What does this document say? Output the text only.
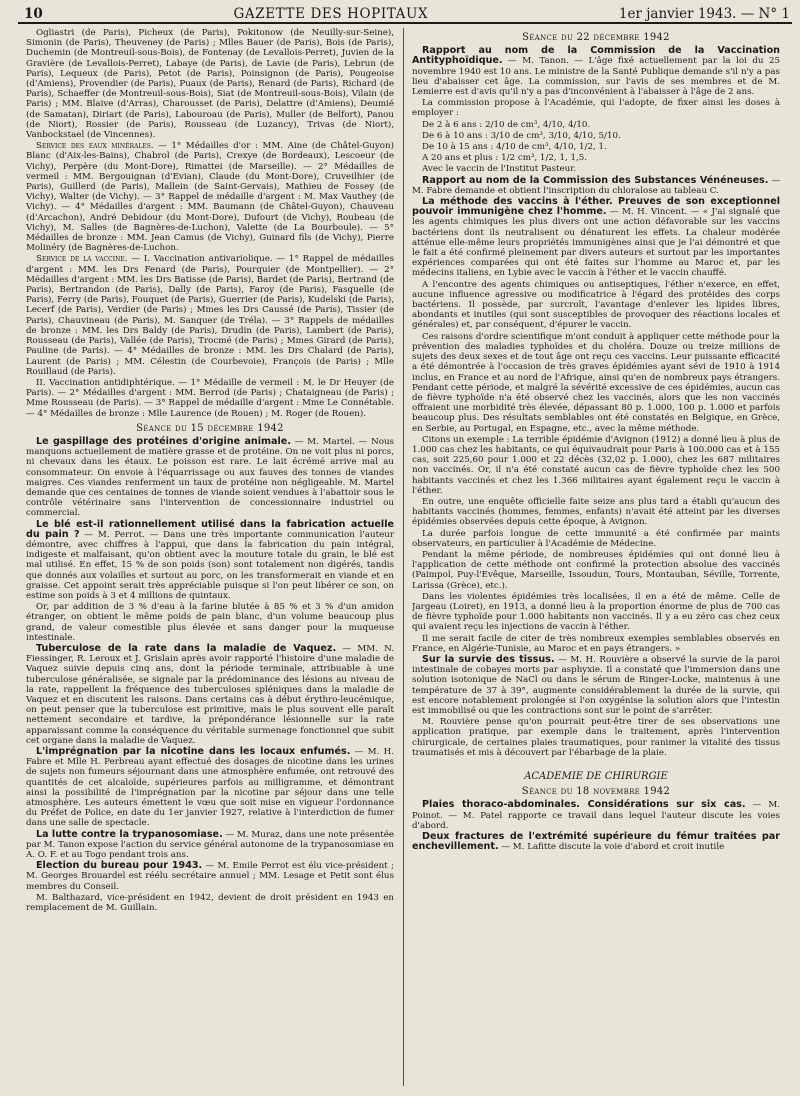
10	GAZETTE DES HOPITAUX	1er janvier 1943. — N° 1

Ogliastri (de Paris), Picheux (de Paris), Pokitonow (de Neuilly-sur-Seine), Simonin (de Paris), Theuveney (de Paris) ; Mlles Bauer (de Paris), Bois (de Paris), Duchemin (de Montreuil-sous-Bois), de Fontenay (de Levallois-Perret), Juvien de la Gravière (de Levallois-Perret), Labaye (de Paris), de Lavie (de Paris), Lebrun (de Paris), Lequeux (de Paris), Petot (de Paris), Poinsignon (de Paris), Pougeoise (d'Amiens), Provendier (de Paris), Puaux (de Paris), Renard (de Paris), Richard (de Paris), Schaeffer (de Montreuil-sous-Bois), Siat (de Montreuil-sous-Bois), Vilain (de Paris) ; MM. Blaive (d'Arras), Charousset (de Paris), Delattre (d'Amiens), Deumié (de Samatan), Diriart (de Paris), Labouroau (de Paris), Muller (de Belfort), Panou (de Niort), Rossier (de Paris), Rousseau (de Luzancy), Trivas (de Niort), Vanbockstael (de Vincennes).

Service des eaux minérales. — 1° Médailles d'or : MM. Aine (de Châtel-Guyon) Blanc (d'Aix-les-Bains), Chabrol (de Paris), Crexye (de Bordeaux), Lescoeur (de Vichy), Perpère (du Mont-Dore), Rimattei (de Marseille). — 2° Médailles de vermeil : MM. Bergouignan (d'Evian), Claude (du Mont-Dore), Cruveilhier (de Paris), Guillerd (de Paris), Mallein (de Saint-Gervais), Mathieu de Fossey (de Vichy), Walter (de Vichy). — 3° Rappel de médaille d'argent : M. Max Vauthey (de Vichy). — 4° Médailles d'argent : MM. Baumann (de Châtel-Guyon), Chauveau (d'Arcachon), André Debidour (du Mont-Dore), Dufourt (de Vichy), Roubeau (de Vichy), M. Salles (de Bagnères-de-Luchon), Valette (de La Bourboule). — 5° Médailles de bronze : MM. Jean Camus (de Vichy), Guinard fils (de Vichy), Pierre Molinéry (de Bagnères-de-Luchon.

Service de la vaccine. — I. Vaccination antivariolique. — 1° Rappel de médailles d'argent : MM. les Drs Fenard (de Paris), Pourquier (de Montpellier). — 2° Médailles d'argent : MM. les Drs Batisse (de Paris), Bardet (de Paris), Bertrand (de Paris), Bertrandon (de Paris), Dally (de Paris), Faroy (de Paris), Fasquelle (de Paris), Ferry (de Paris), Fouquet (de Paris), Guerrier (de Paris), Kudelski (de Paris), Lecerf (de Paris), Verdier (de Paris) ; Mmes les Drs Caussé (de Paris), Tissier (de Paris), Chauvineau (de Paris), M. Sanquer (de Tréla). — 3° Rappels de médailles de bronze : MM. les Drs Baldy (de Paris), Drudin (de Paris), Lambert (de Paris), Rousseau (de Paris), Vallée (de Paris), Trocmé (de Paris) ; Mmes Girard (de Paris), Pauline (de Paris). — 4° Médailles de bronze : MM. les Drs Chalard (de Paris), Laurent (de Paris) ; MM. Célestin (de Courbevoie), François (de Paris) ; Mlle Rouillaud (de Paris).

II. Vaccination antidiphtérique. — 1° Médaille de vermeil : M. le Dr Heuyer (de Paris). — 2° Médailles d'argent : MM. Berrod (de Paris) ; Chataigneau (de Paris) ; Mme Rousseau (de Paris). — 3° Rappel de médaille d'argent : Mme Le Connétable. — 4° Médailles de bronze : Mlle Laurence (de Rouen) ; M. Roger (de Rouen).

Séance du 15 décembre 1942

Le gaspillage des protéines d'origine animale. — M. Martel. — Nous manquons actuellement de matière grasse et de protéine. On ne voit plus ni porcs, ni chevaux dans les étaux. Le poisson est rare. Le lait écrémé arrive mal au consommateur. On envoie à l'équarrissage ou aux fauves des tonnes de viandes maigres. Ces viandes renferment un taux de protéine non négligeable. M. Martel demande que ces centaines de tonnes de viande soient vendues à l'abattoir sous le contrôle vétérinaire sans l'intervention de concessionnaire industriel ou commercial.

Le blé est-il rationnellement utilisé dans la fabrication actuelle du pain ? — M. Perrot. — Dans une très importante communication l'auteur démontre, avec chiffres à l'appui, que dans la fabrication du pain intégral, indigeste et malfaisant, qu'on obtient avec la mouture totale du grain, le blé est mal utilisé. En effet, 15 % de son poids (son) sont totalement non digérés, tandis que donnés aux volailles et surtout au porc, on les transformerait en viande et en graisse. Cet appoint serait très appréciable puisque si l'on peut libérer ce son, on estime son poids à 3 et 4 millions de quintaux.

Or, par addition de 3 % d'eau à la farine blutée à 85 % et 3 % d'un amidon étranger, on obtient le même poids de pain blanc, d'un volume beaucoup plus grand, de valeur comestible plus élevée et sans danger pour la muqueuse intestinale.

Tuberculose de la rate dans la maladie de Vaquez. — MM. N. Fiessinger, R. Lerouх et J. Grislain après avoir rapporté l'histoire d'une maladie de Vaquez suivie depuis cinq ans, dont la période terminale, attribuable à une tuberculose généralisée, se signale par la prédominance des lésions au niveau de la rate, rappellent la fréquence des tuberculoses spléniques dans la maladie de Vaquez et en discutent les raisons. Dans certains cas à début érythro-leucémique, on peut penser que la tuberculose est primitive, mais le plus souvent elle paraît nettement secondaire et tardive, la prépondérance lésionnelle sur la rate apparaissant comme la conséquence du véritable surmenage fonctionnel que subit cet organe dans la maladie de Vaquez.

L'imprégnation par la nicotine dans les locaux enfumés. — M. H. Fabre et Mlle H. Perbreau ayant effectué des dosages de nicotine dans les urines de sujets non fumeurs séjournant dans une atmosphère enfumée, ont retrouvé des quantités de cet alcaloïde, supérieures parfois au milligramme, et démontrant ainsi la possibilité de l'imprégnation par la nicotine par séjour dans une telle atmosphère. Les auteurs émettent le vœu que soit mise en vigueur l'ordonnance du Préfet de Police, en date du 1er janvier 1927, relative à l'interdiction de fumer dans une salle de spectacle.

La lutte contre la trypanosomiase. — M. Muraz, dans une note présentée par M. Tanon expose l'action du service général autonome de la trypanosomiase en A. O. F. et au Togo pendant trois ans.

Election du bureau pour 1943. — M. Emile Perrot est élu vice-président ; M. Georges Brouardel est réélu secrétaire annuel ; MM. Lesage et Petit sont élus membres du Conseil.

M. Balthazard, vice-président en 1942, devient de droit président en 1943 en remplacement de M. Guillain.

Séance du 22 décembre 1942

Rapport au nom de la Commission de la Vaccination Antityphoïdique. — M. Tanon. — L'âge fixé actuellement par la loi du 25 novembre 1940 est 10 ans. Le ministre de la Santé Publique demande s'il n'y a pas lieu d'abaisser cet âge. La commission, sur l'avis de ses membres et de M. Lemierre est d'avis qu'il n'y a pas d'inconvénient à l'abaisser à l'âge de 2 ans.

La commission propose à l'Académie, qui l'adopte, de fixer ainsi les doses à employer :

De 2 à 6 ans : 2/10 de cm³, 4/10, 4/10.

De 6 à 10 ans : 3/10 de cm³, 3/10, 4/10, 5/10.

De 10 à 15 ans : 4/10 de cm³, 4/10, 1/2, 1.

A 20 ans et plus : 1/2 cm³, 1/2, 1, 1,5.

Avec le vaccin de l'Institut Pasteur.

Rapport au nom de la Commission des Substances Vénéneuses. — M. Fabre demande et obtient l'inscription du chloralose au tableau C.

La méthode des vaccins à l'éther. Preuves de son exceptionnel pouvoir immunigène chez l'homme. — M. H. Vincent. — « J'ai signalé que les agents chimiques les plus divers ont une action défavorable sur les vaccins bactériens dont ils neutralisent ou dénaturent les effets. La chaleur modérée atténue elle-même leurs propriétés immunigènes ainsi que je l'ai démontré et que le fait a été confirmé pleinement par divers auteurs et surtout par les importantes expériences comparées qui ont été faites sur l'homme au Maroc et, par les médecins italiens, en Lybie avec le vaccin à l'éther et le vaccin chauffé.

A l'encontre des agents chimiques ou antiseptiques, l'éther n'exerce, en effet, aucune influence agressive ou modificatrice à l'égard des protéides des corps bactériens. Il possède, par surcroît, l'avantage d'enlever les lipides libres, abondants et inutiles (qui sont susceptibles de provoquer des réactions locales et générales) et, par conséquent, d'épurer le vaccin.

Ces raisons d'ordre scientifique m'ont conduit à appliquer cette méthode pour la prévention des maladies typhoïdes et du choléra. Douze ou treize millions de sujets des deux sexes et de tout âge ont reçu ces vaccins. Leur puissante efficacité a été démontrée à l'occasion de très graves épidémies ayant sévi de 1910 à 1914 inclus, en France et au nord de l'Afrique, ainsi qu'en de nombreux pays étrangers. Pendant cette période, et malgré la sévérité excessive de ces épidémies, aucun cas de fièvre typhoïde n'a été observé chez les vaccinés, alors que les non vaccinés offraient une morbidité très élevée, dépassant 80 p. 1.000, 100 p. 1.000 et parfois beaucoup plus. Des résultats semblables ont été constatés en Belgique, en Grèce, en Serbie, au Portugal, en Espagne, etc., avec la même méthode.

Citons un exemple : La terrible épidémie d'Avignon (1912) a donné lieu à plus de 1.000 cas chez les habitants, ce qui équivaudrait pour Paris à 100.000 cas et à 155 cas, soit 225,60 pour 1.000 et 22 décès (32,02 p. 1.000), chez les 687 militaires non vaccinés. Or, il n'a été constaté aucun cas de fièvre typhoïde chez les 500 habitants vaccinés et chez les 1.366 militaires ayant également reçu le vaccin à l'éther.

En outre, une enquête officielle faite seize ans plus tard a établi qu'aucun des habitants vaccinés (hommes, femmes, enfants) n'avait été atteint par les diverses épidémies observées depuis cette époque, à Avignon.

La durée parfois longue de cette immunité a été confirmée par maints observateurs, en particulier à l'Académie de Médecine.

Pendant la même période, de nombreuses épidémies qui ont donné lieu à l'application de cette méthode ont confirmé la protection absolue des vaccinés (Paimpol, Puy-l'Evêque, Marseille, Issoudun, Tours, Montauban, Séville, Torrente, Larissa (Grèce), etc.).

Dans les violentes épidémies très localisées, il en a été de même. Celle de Jargeau (Loiret), en 1913, a donné lieu à la proportion énorme de plus de 700 cas de fièvre typhoïde pour 1.000 habitants non vaccinés. Il y a eu zéro cas chez ceux qui avaient reçu les injections de vaccin à l'éther.

Il me serait facile de citer de très nombreux exemples semblables observés en France, en Algérie-Tunisie, au Maroc et en pays étrangers. »

Sur la survie des tissus. — M. H. Rouvière a observé la survie de la paroi intestinale de cobayes morts par asphyxie. Il a constaté que l'immersion dans une solution isotonique de NaCl ou dans le sérum de Ringer-Locke, maintenus à une température de 37 à 39°, augmente considérablement la durée de la survie, qui est encore notablement prolongée si l'on oxygénise la solution alors que l'intestin est immobilisé ou que les contractions sont sur le point de s'arrêter.

M. Rouvière pense qu'on pourrait peut-être tirer de ses observations une application pratique, par exemple dans le traitement, après l'intervention chirurgicale, de certaines plaies traumatiques, pour ranimer la vitalité des tissus traumatisés et mis à découvert par l'ébarbage de la plaie.

ACADEMIE DE CHIRURGIE

Séance du 18 novembre 1942

Plaies thoraco-abdominales. Considérations sur six cas. — M. Poinot. — M. Patel rapporte ce travail dans lequel l'auteur discute les voies d'abord.

Deux fractures de l'extrémité supérieure du fémur traitées par enchevillement. — M. Lafitte discute la voie d'abord et croit inutile
